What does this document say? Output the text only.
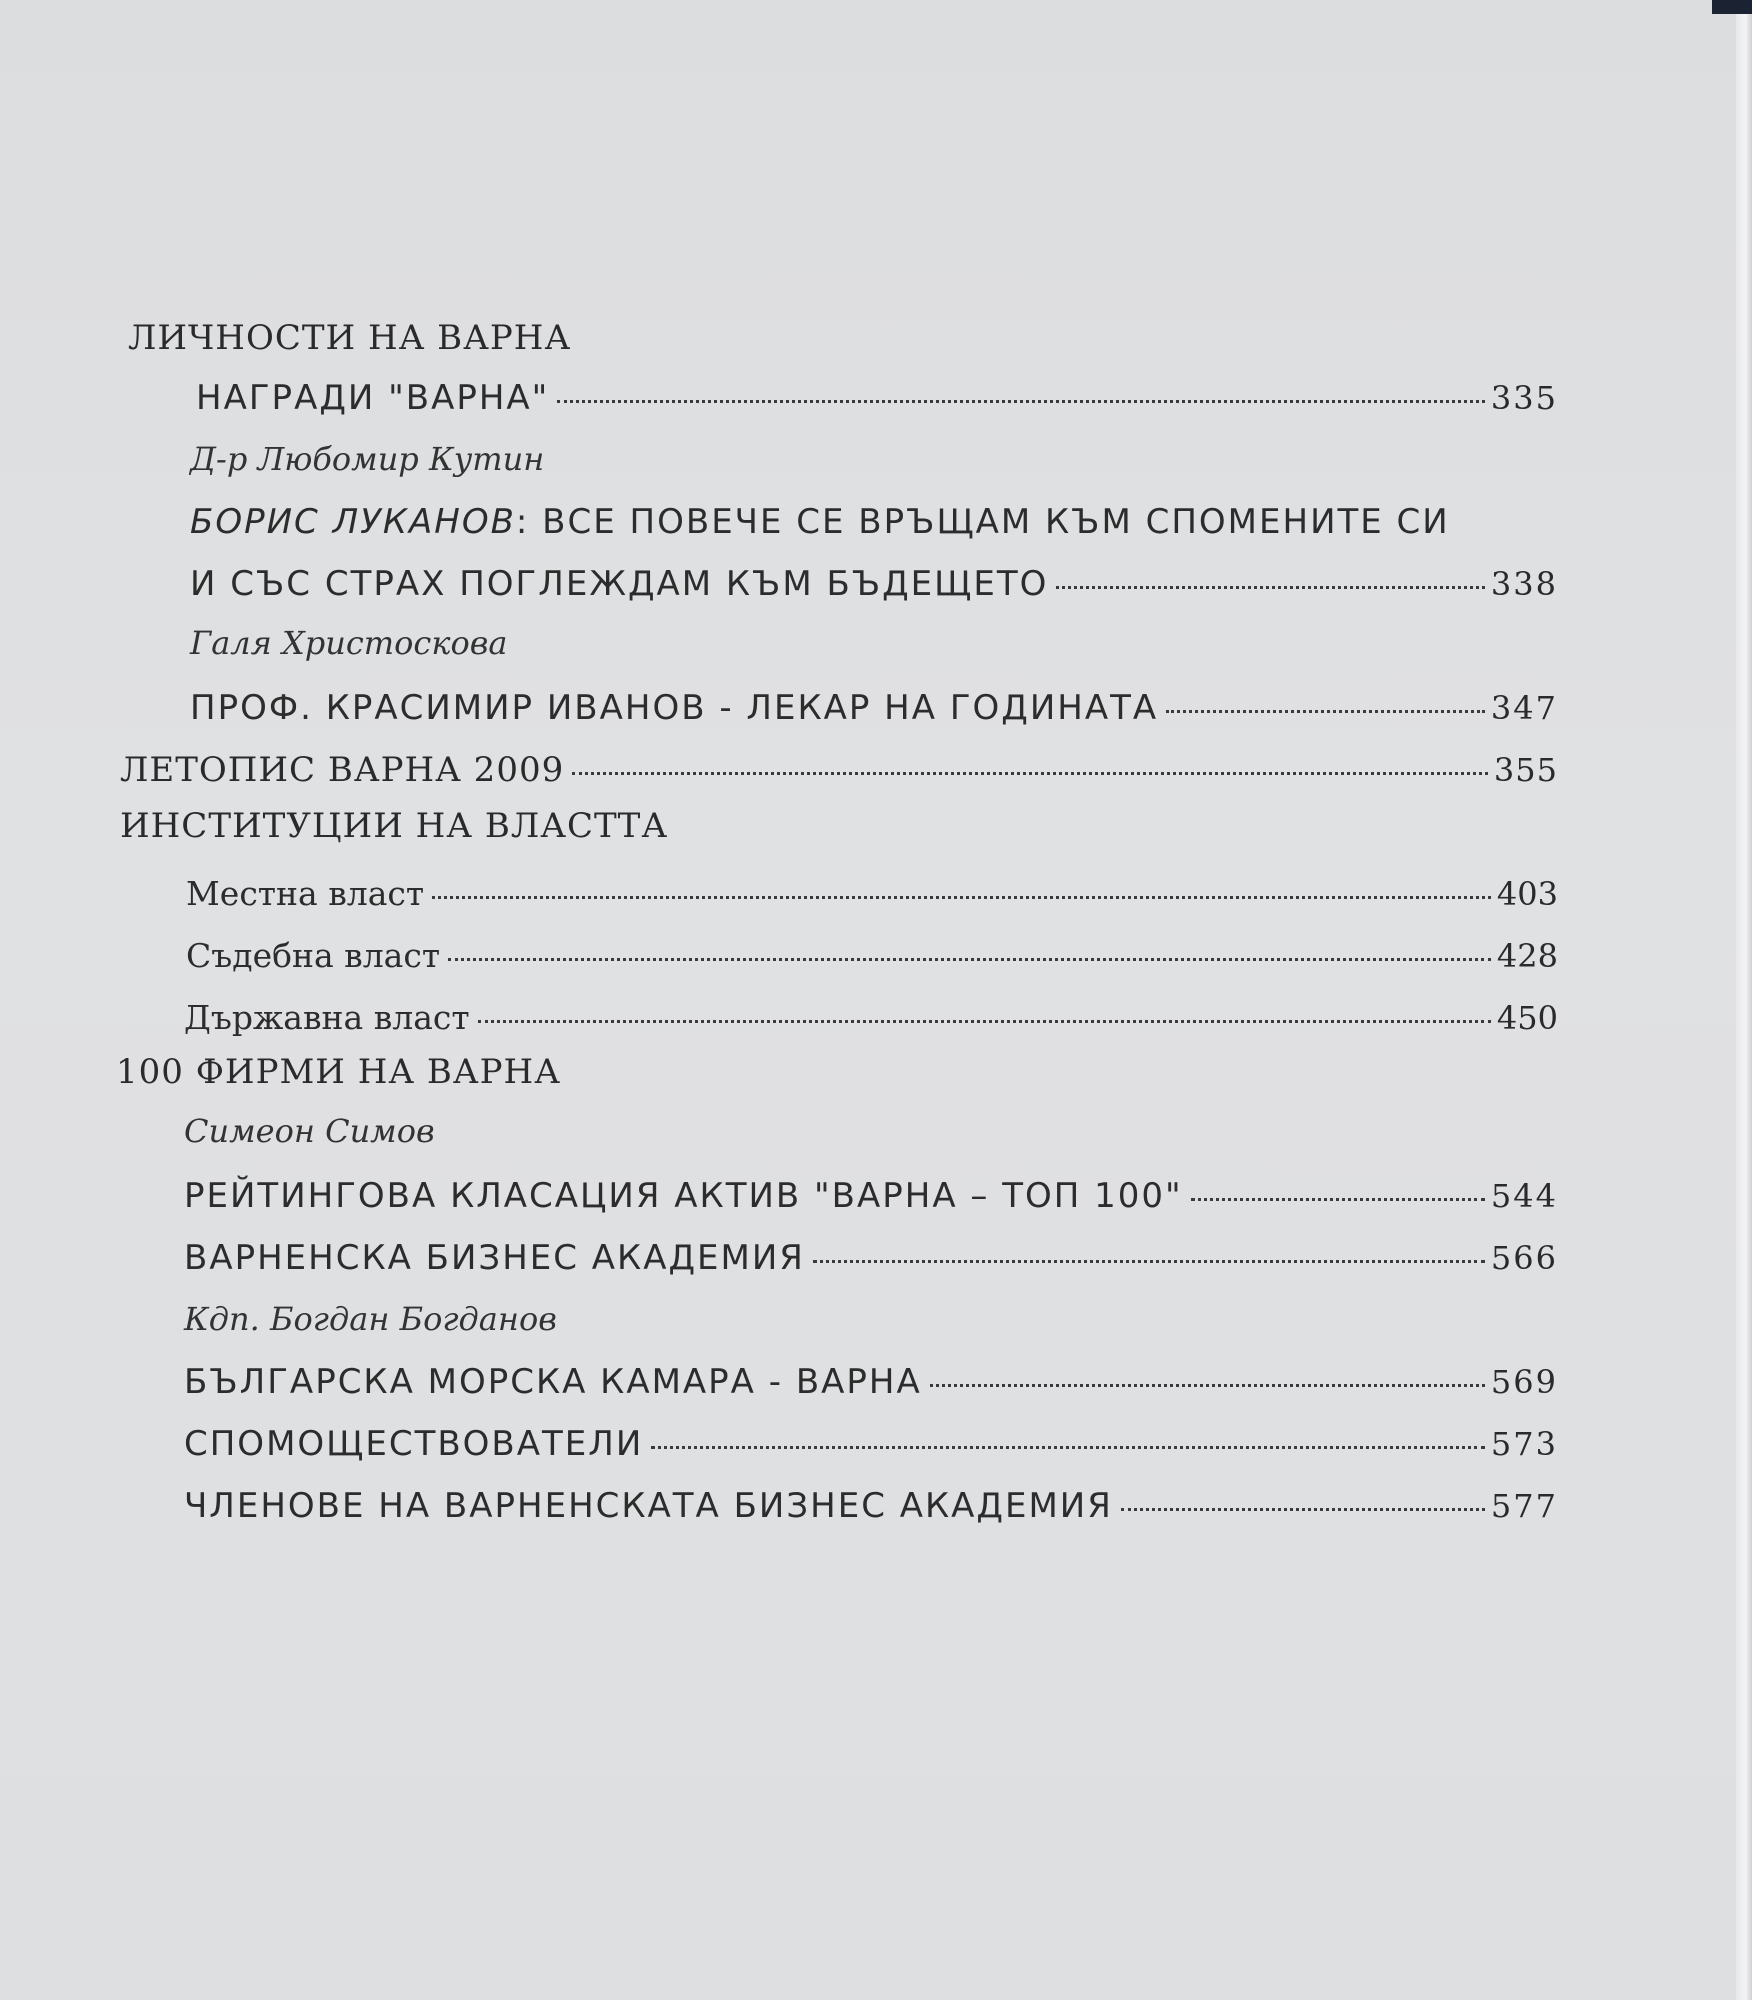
ЛИЧНОСТИ НА ВАРНА
НАГРАДИ "ВАРНА"	335
Д-р Любомир Кутин
БОРИС ЛУКАНОВ : ВСЕ ПОВЕЧЕ СЕ ВРЪЩАМ КЪМ СПОМЕНИТЕ СИ
И СЪС СТРАХ ПОГЛЕЖДАМ КЪМ БЪДЕЩЕТО	338
Галя Христоскова
ПРОФ. КРАСИМИР ИВАНОВ - ЛЕКАР НА ГОДИНАТА	347
ЛЕТОПИС ВАРНА 2009	355
ИНСТИТУЦИИ НА ВЛАСТТА
Местна власт	403
Съдебна власт	428
Държавна власт	450
100 ФИРМИ НА ВАРНА
Симеон Симов
РЕЙТИНГОВА КЛАСАЦИЯ АКТИВ "ВАРНА – ТОП 100"	544
ВАРНЕНСКА БИЗНЕС АКАДЕМИЯ	566
Кдп. Богдан Богданов
БЪЛГАРСКА МОРСКА КАМАРА - ВАРНА	569
СПОМОЩЕСТВОВАТЕЛИ	573
ЧЛЕНОВЕ НА ВАРНЕНСКАТА БИЗНЕС АКАДЕМИЯ	577
